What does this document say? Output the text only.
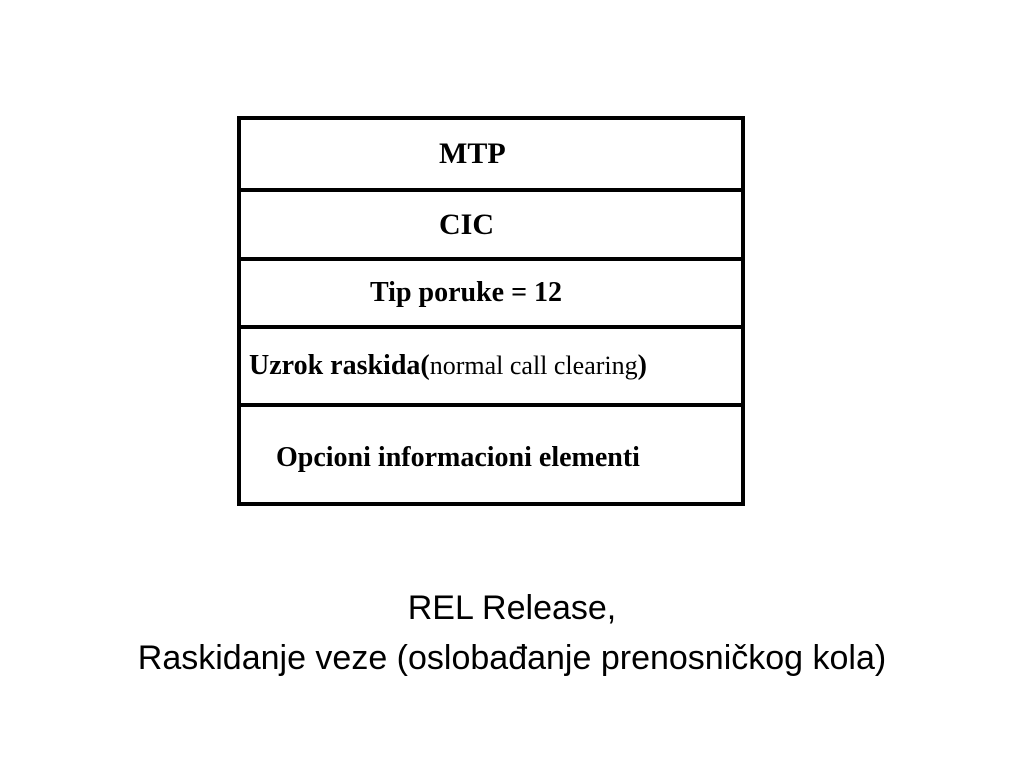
MTP
CIC
Tip poruke = 12
Uzrok raskida ( normal call clearing )
Opcioni informacioni elementi
REL Release,
Raskidanje veze (oslobađanje prenosničkog kola)
